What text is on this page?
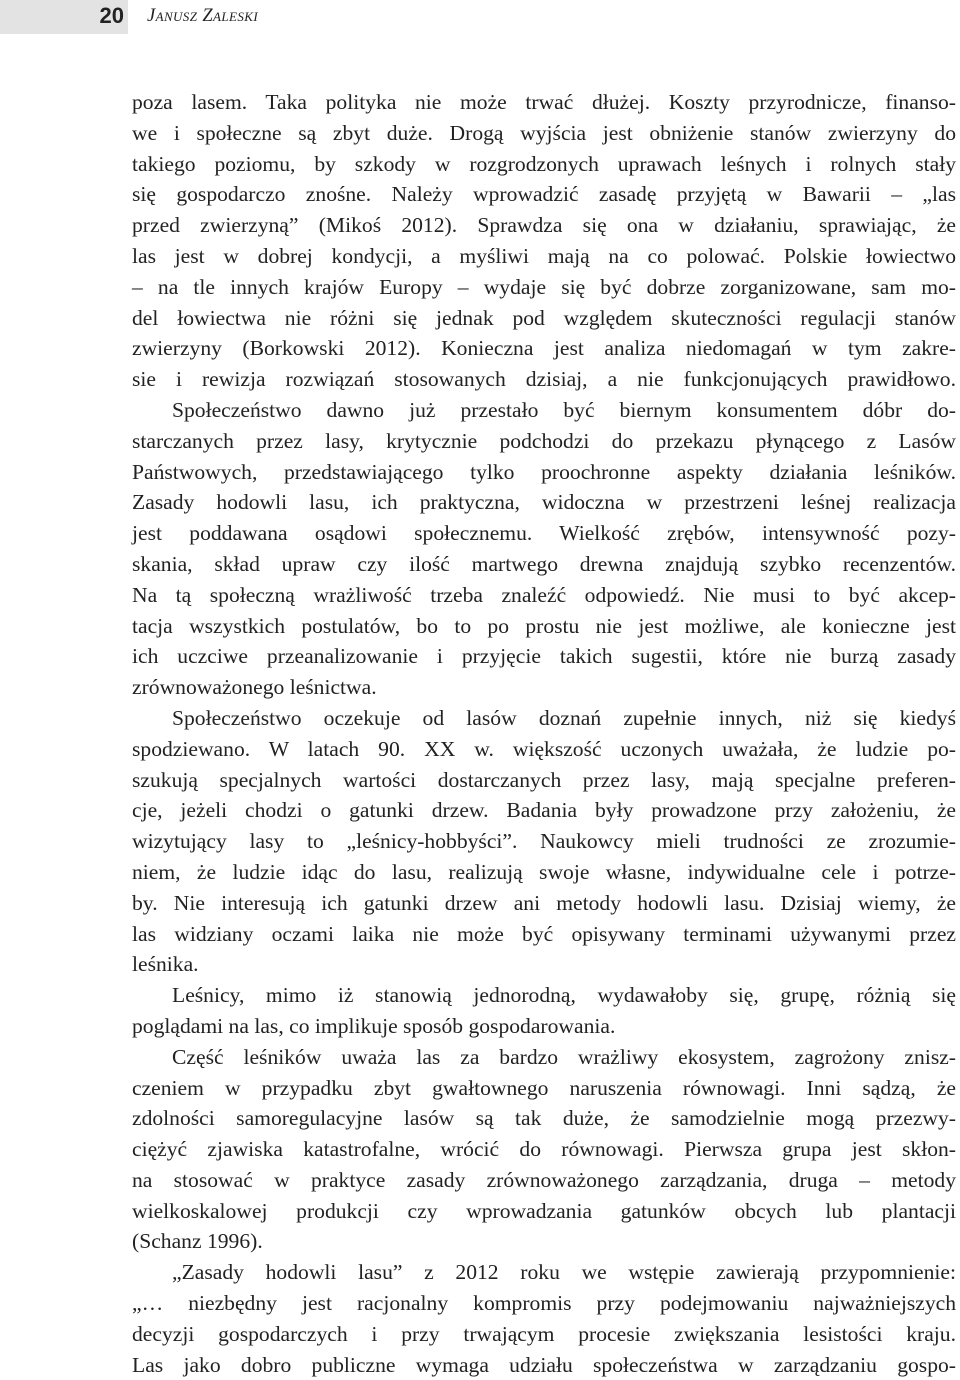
20 Janusz Zaleski
poza lasem. Taka polityka nie może trwać dłużej. Koszty przyrodnicze, finanso-
we i społeczne są zbyt duże. Drogą wyjścia jest obniżenie stanów zwierzyny do
takiego poziomu, by szkody w rozgrodzonych uprawach leśnych i rolnych stały
się gospodarczo znośne. Należy wprowadzić zasadę przyjętą w Bawarii – „las
przed zwierzyną” (Mikoś 2012). Sprawdza się ona w działaniu, sprawiając, że
las jest w dobrej kondycji, a myśliwi mają na co polować. Polskie łowiectwo
– na tle innych krajów Europy – wydaje się być dobrze zorganizowane, sam mo-
del łowiectwa nie różni się jednak pod względem skuteczności regulacji stanów
zwierzyny (Borkowski 2012). Konieczna jest analiza niedomagań w tym zakre-
sie i rewizja rozwiązań stosowanych dzisiaj, a nie funkcjonujących prawidłowo.
Społeczeństwo dawno już przestało być biernym konsumentem dóbr do-
starczanych przez lasy, krytycznie podchodzi do przekazu płynącego z Lasów
Państwowych, przedstawiającego tylko proochronne aspekty działania leśników.
Zasady hodowli lasu, ich praktyczna, widoczna w przestrzeni leśnej realizacja
jest poddawana osądowi społecznemu. Wielkość zrębów, intensywność pozy-
skania, skład upraw czy ilość martwego drewna znajdują szybko recenzentów.
Na tą społeczną wrażliwość trzeba znaleźć odpowiedź. Nie musi to być akcep-
tacja wszystkich postulatów, bo to po prostu nie jest możliwe, ale konieczne jest
ich uczciwe przeanalizowanie i przyjęcie takich sugestii, które nie burzą zasady
zrównoważonego leśnictwa.
Społeczeństwo oczekuje od lasów doznań zupełnie innych, niż się kiedyś
spodziewano. W latach 90. XX w. większość uczonych uważała, że ludzie po-
szukują specjalnych wartości dostarczanych przez lasy, mają specjalne preferen-
cje, jeżeli chodzi o gatunki drzew. Badania były prowadzone przy założeniu, że
wizytujący lasy to „leśnicy-hobbyści”. Naukowcy mieli trudności ze zrozumie-
niem, że ludzie idąc do lasu, realizują swoje własne, indywidualne cele i potrze-
by. Nie interesują ich gatunki drzew ani metody hodowli lasu. Dzisiaj wiemy, że
las widziany oczami laika nie może być opisywany terminami używanymi przez
leśnika.
Leśnicy, mimo iż stanowią jednorodną, wydawałoby się, grupę, różnią się
poglądami na las, co implikuje sposób gospodarowania.
Część leśników uważa las za bardzo wrażliwy ekosystem, zagrożony znisz-
czeniem w przypadku zbyt gwałtownego naruszenia równowagi. Inni sądzą, że
zdolności samoregulacyjne lasów są tak duże, że samodzielnie mogą przezwy-
ciężyć zjawiska katastrofalne, wrócić do równowagi. Pierwsza grupa jest skłon-
na stosować w praktyce zasady zrównoważonego zarządzania, druga – metody
wielkoskalowej produkcji czy wprowadzania gatunków obcych lub plantacji
(Schanz 1996).
„Zasady hodowli lasu” z 2012 roku we wstępie zawierają przypomnienie:
„… niezbędny jest racjonalny kompromis przy podejmowaniu najważniejszych
decyzji gospodarczych i przy trwającym procesie zwiększania lesistości kraju.
Las jako dobro publiczne wymaga udziału społeczeństwa w zarządzaniu gospo-
